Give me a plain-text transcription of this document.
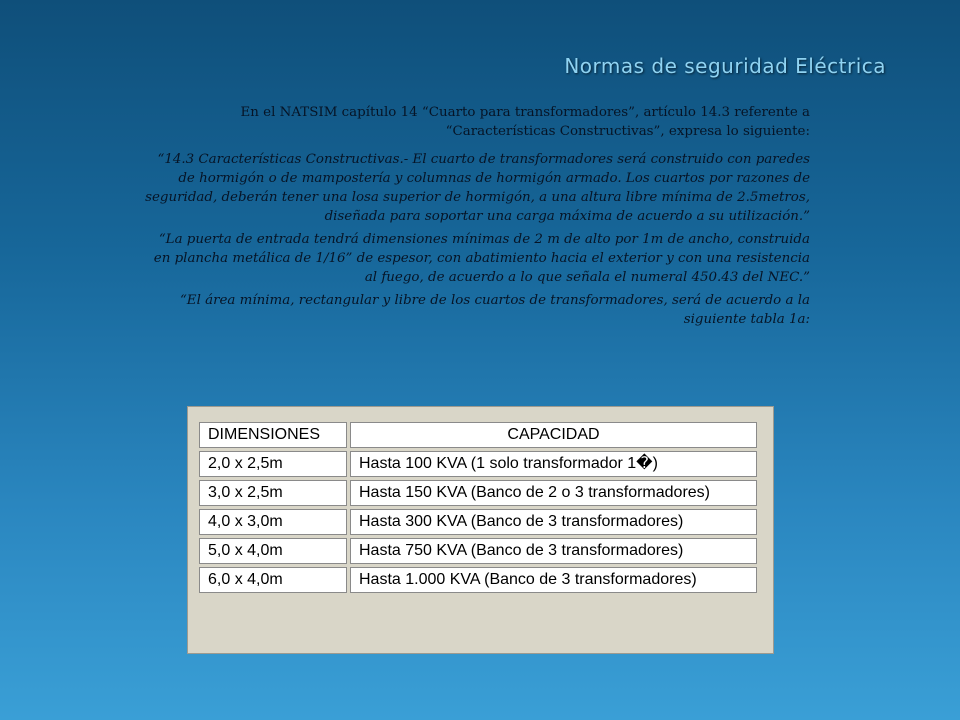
Normas de seguridad Eléctrica

En el NATSIM capítulo 14 “Cuarto para transformadores”, artículo 14.3 referente a “Características Constructivas”, expresa lo siguiente:

“14.3 Características Constructivas.- El cuarto de transformadores será construido con paredes de hormigón o de mampostería y columnas de hormigón armado. Los cuartos por razones de seguridad, deberán tener una losa superior de hormigón, a una altura libre mínima de 2.5metros, diseñada para soportar una carga máxima de acuerdo a su utilización.”

“La puerta de entrada tendrá dimensiones mínimas de 2 m de alto por 1m de ancho, construida en plancha metálica de 1/16” de espesor, con abatimiento hacia el exterior y con una resistencia al fuego, de acuerdo a lo que señala el numeral 450.43 del NEC.”

“El área mínima, rectangular y libre de los cuartos de transformadores, será de acuerdo a la siguiente tabla 1a:

DIMENSIONES	CAPACIDAD
2,0 x 2,5m	Hasta 100 KVA (1 solo transformador 1�)
3,0 x 2,5m	Hasta 150 KVA (Banco de 2 o 3 transformadores)
4,0 x 3,0m	Hasta 300 KVA (Banco de 3 transformadores)
5,0 x 4,0m	Hasta 750 KVA (Banco de 3 transformadores)
6,0 x 4,0m	Hasta 1.000 KVA (Banco de 3 transformadores)
